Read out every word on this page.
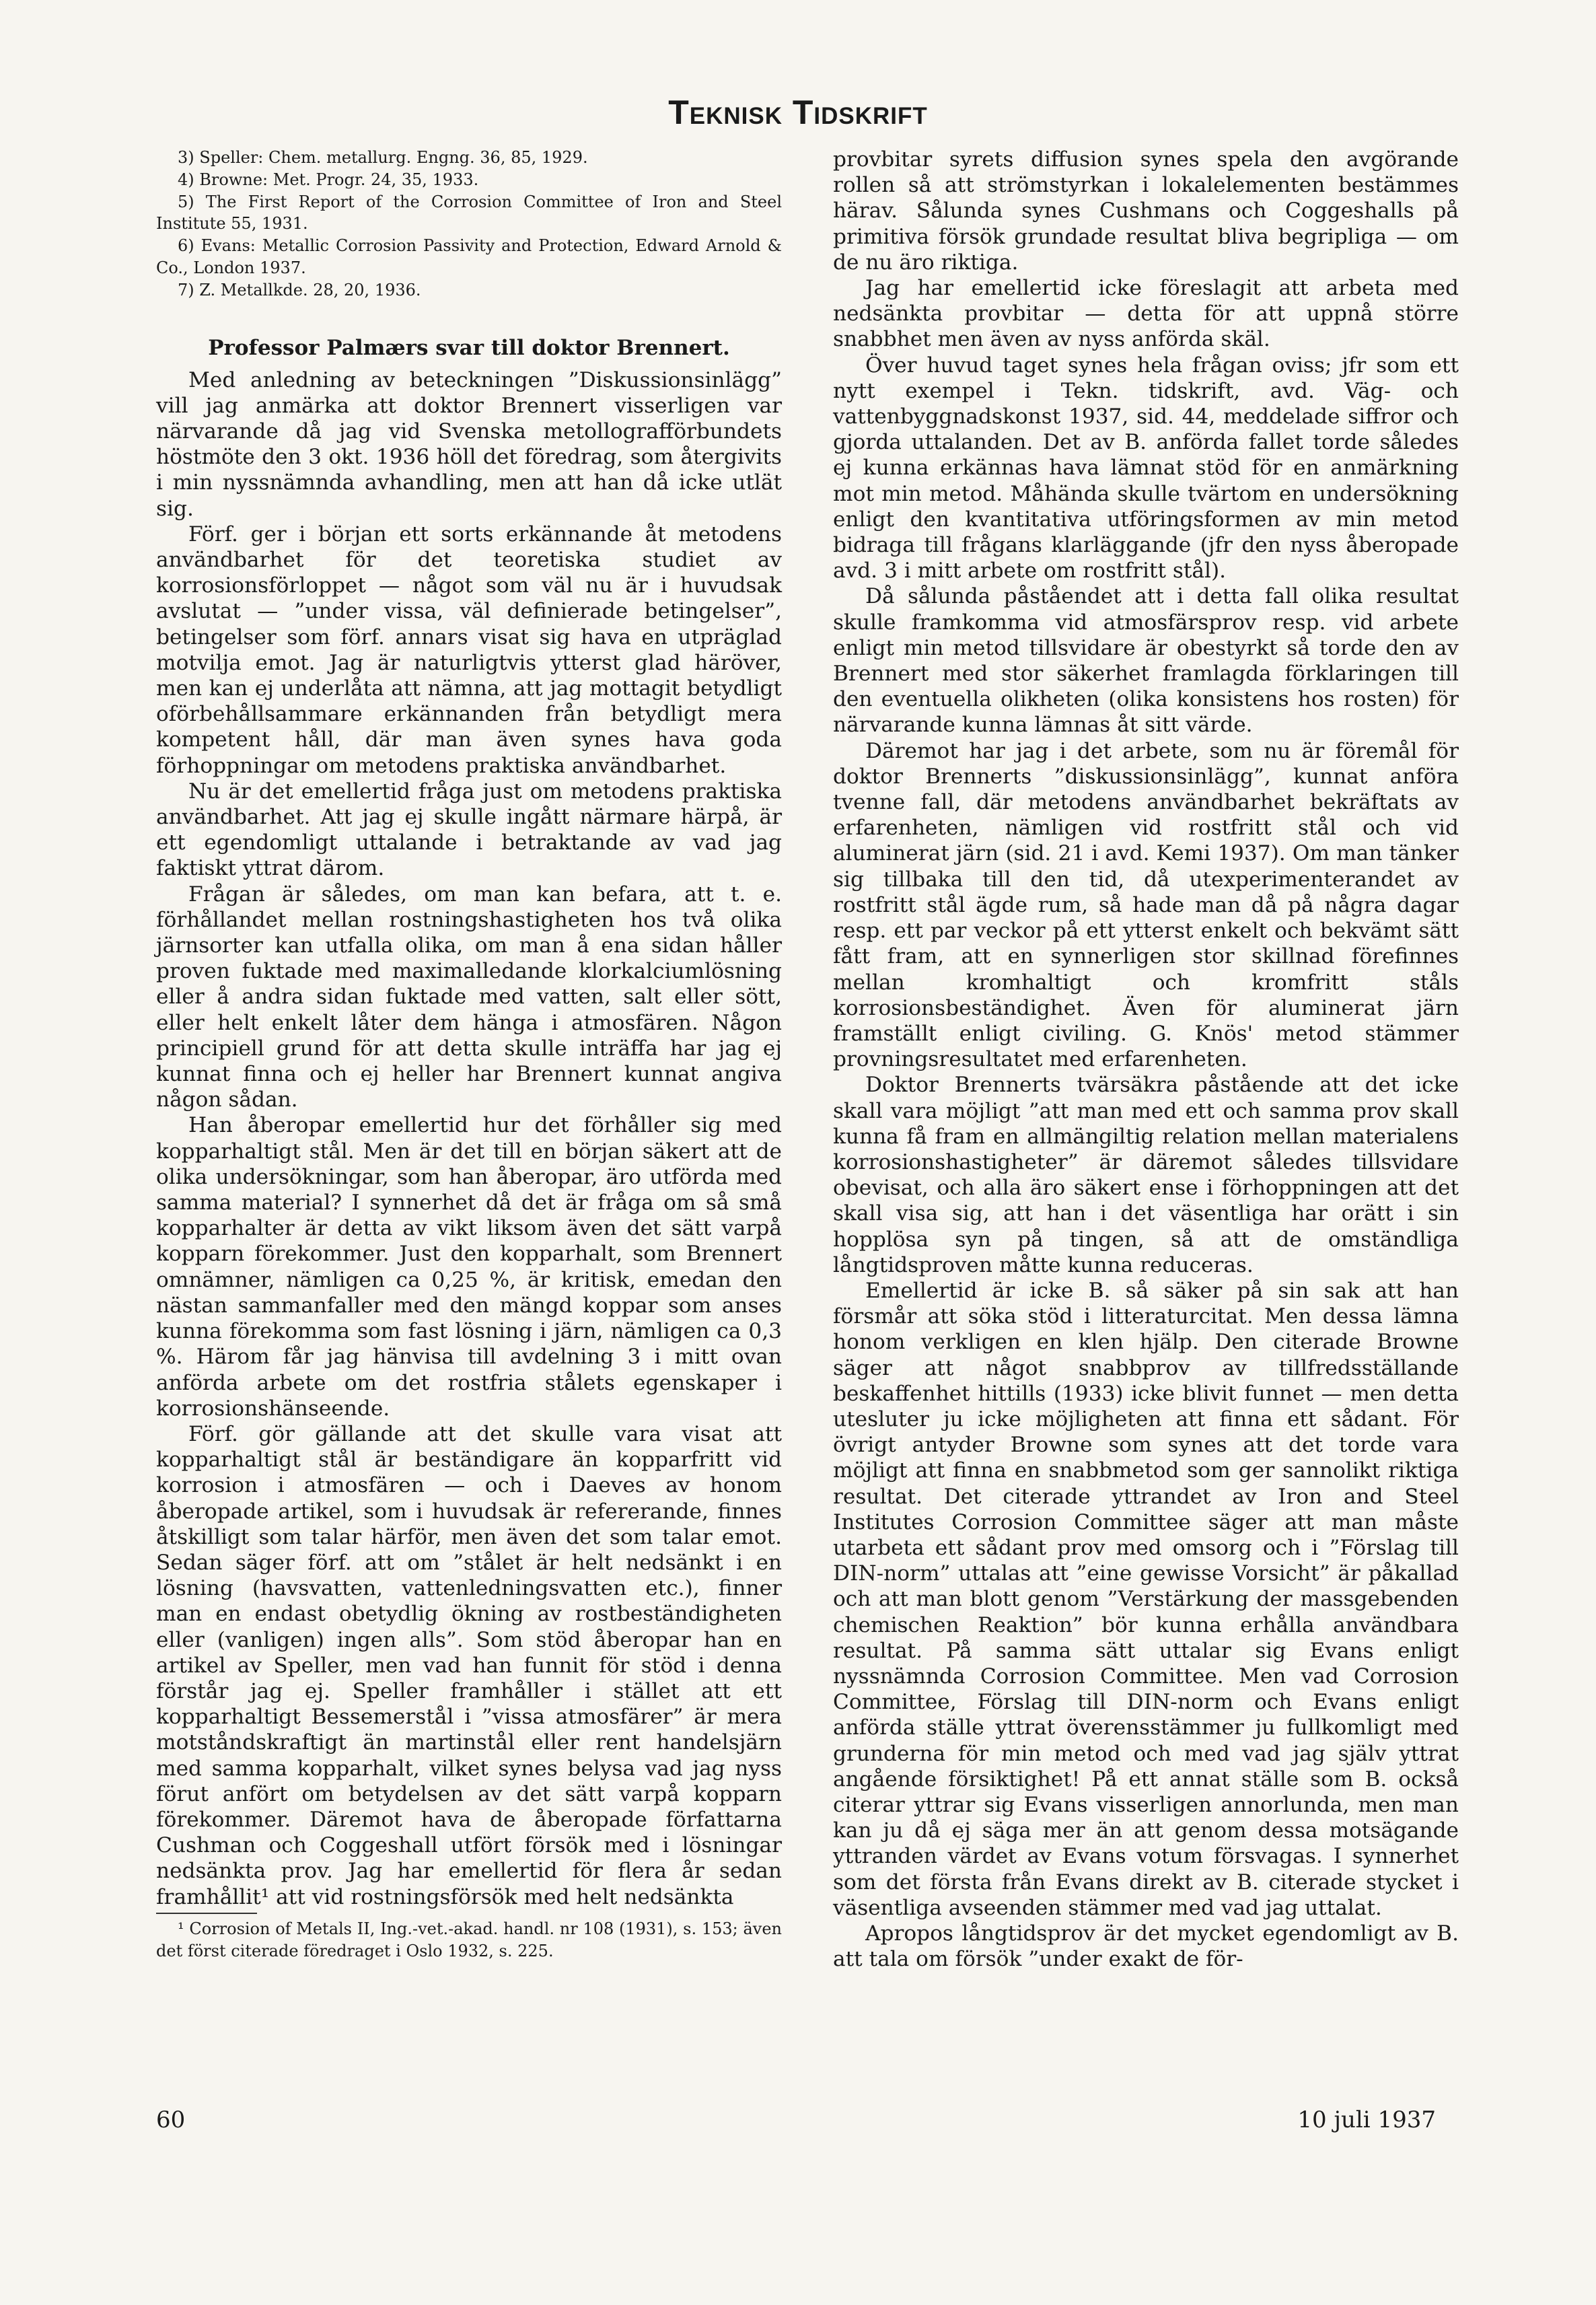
Teknisk Tidskrift

3) Speller: Chem. metallurg. Engng. 36, 85, 1929.

4) Browne: Met. Progr. 24, 35, 1933.

5) The First Report of the Corrosion Committee of Iron and Steel Institute 55, 1931.

6) Evans: Metallic Corrosion Passivity and Protection, Edward Arnold & Co., London 1937.

7) Z. Metallkde. 28, 20, 1936.

Professor Palmærs svar till doktor Brennert.

Med anledning av beteckningen ”Diskussionsinlägg” vill jag anmärka att doktor Brennert visserligen var närvarande då jag vid Svenska metollografförbundets höstmöte den 3 okt. 1936 höll det föredrag, som återgivits i min nyssnämnda avhandling, men att han då icke utlät sig.

Förf. ger i början ett sorts erkännande åt metodens användbarhet för det teoretiska studiet av korrosionsförloppet — något som väl nu är i huvudsak avslutat — ”under vissa, väl definierade betingelser”, betingelser som förf. annars visat sig hava en utpräglad motvilja emot. Jag är naturligtvis ytterst glad häröver, men kan ej underlåta att nämna, att jag mottagit betydligt oförbehållsammare erkännanden från betydligt mera kompetent håll, där man även synes hava goda förhoppningar om metodens praktiska användbarhet.

Nu är det emellertid fråga just om metodens praktiska användbarhet. Att jag ej skulle ingått närmare härpå, är ett egendomligt uttalande i betraktande av vad jag faktiskt yttrat därom.

Frågan är således, om man kan befara, att t. e. förhållandet mellan rostningshastigheten hos två olika järnsorter kan utfalla olika, om man å ena sidan håller proven fuktade med maximalledande klorkalciumlösning eller å andra sidan fuktade med vatten, salt eller sött, eller helt enkelt låter dem hänga i atmosfären. Någon principiell grund för att detta skulle inträffa har jag ej kunnat finna och ej heller har Brennert kunnat angiva någon sådan.

Han åberopar emellertid hur det förhåller sig med kopparhaltigt stål. Men är det till en början säkert att de olika undersökningar, som han åberopar, äro utförda med samma material? I synnerhet då det är fråga om så små kopparhalter är detta av vikt liksom även det sätt varpå kopparn förekommer. Just den kopparhalt, som Brennert omnämner, nämligen ca 0,25 %, är kritisk, emedan den nästan sammanfaller med den mängd koppar som anses kunna förekomma som fast lösning i järn, nämligen ca 0,3 %. Härom får jag hänvisa till avdelning 3 i mitt ovan anförda arbete om det rostfria stålets egenskaper i korrosionshänseende.

Förf. gör gällande att det skulle vara visat att kopparhaltigt stål är beständigare än kopparfritt vid korrosion i atmosfären — och i Daeves av honom åberopade artikel, som i huvudsak är refererande, finnes åtskilligt som talar härför, men även det som talar emot. Sedan säger förf. att om ”stålet är helt nedsänkt i en lösning (havsvatten, vattenledningsvatten etc.), finner man en endast obetydlig ökning av rostbeständigheten eller (vanligen) ingen alls”. Som stöd åberopar han en artikel av Speller, men vad han funnit för stöd i denna förstår jag ej. Speller framhåller i stället att ett kopparhaltigt Bessemerstål i ”vissa atmosfärer” är mera motståndskraftigt än martinstål eller rent handelsjärn med samma kopparhalt, vilket synes belysa vad jag nyss förut anfört om betydelsen av det sätt varpå kopparn förekommer. Däremot hava de åberopade författarna Cushman och Coggeshall utfört försök med i lösningar nedsänkta prov. Jag har emellertid för flera år sedan framhållit¹ att vid rostningsförsök med helt nedsänkta

¹ Corrosion of Metals II, Ing.-vet.-akad. handl. nr 108 (1931), s. 153; även det först citerade föredraget i Oslo 1932, s. 225.

provbitar syrets diffusion synes spela den avgörande rollen så att strömstyrkan i lokalelementen bestämmes härav. Sålunda synes Cushmans och Coggeshalls på primitiva försök grundade resultat bliva begripliga — om de nu äro riktiga.

Jag har emellertid icke föreslagit att arbeta med nedsänkta provbitar — detta för att uppnå större snabbhet men även av nyss anförda skäl.

Över huvud taget synes hela frågan oviss; jfr som ett nytt exempel i Tekn. tidskrift, avd. Väg- och vattenbyggnadskonst 1937, sid. 44, meddelade siffror och gjorda uttalanden. Det av B. anförda fallet torde således ej kunna erkännas hava lämnat stöd för en anmärkning mot min metod. Måhända skulle tvärtom en undersökning enligt den kvantitativa utföringsformen av min metod bidraga till frågans klarläggande (jfr den nyss åberopade avd. 3 i mitt arbete om rostfritt stål).

Då sålunda påståendet att i detta fall olika resultat skulle framkomma vid atmosfärsprov resp. vid arbete enligt min metod tillsvidare är obestyrkt så torde den av Brennert med stor säkerhet framlagda förklaringen till den eventuella olikheten (olika konsistens hos rosten) för närvarande kunna lämnas åt sitt värde.

Däremot har jag i det arbete, som nu är föremål för doktor Brennerts ”diskussionsinlägg”, kunnat anföra tvenne fall, där metodens användbarhet bekräftats av erfarenheten, nämligen vid rostfritt stål och vid aluminerat järn (sid. 21 i avd. Kemi 1937). Om man tänker sig tillbaka till den tid, då utexperimenterandet av rostfritt stål ägde rum, så hade man då på några dagar resp. ett par veckor på ett ytterst enkelt och bekvämt sätt fått fram, att en synnerligen stor skillnad förefinnes mellan kromhaltigt och kromfritt ståls korrosionsbeständighet. Även för aluminerat järn framställt enligt civiling. G. Knös' metod stämmer provningsresultatet med erfarenheten.

Doktor Brennerts tvärsäkra påstående att det icke skall vara möjligt ”att man med ett och samma prov skall kunna få fram en allmängiltig relation mellan materialens korrosionshastigheter” är däremot således tillsvidare obevisat, och alla äro säkert ense i förhoppningen att det skall visa sig, att han i det väsentliga har orätt i sin hopplösa syn på tingen, så att de omständliga långtidsproven måtte kunna reduceras.

Emellertid är icke B. så säker på sin sak att han försmår att söka stöd i litteraturcitat. Men dessa lämna honom verkligen en klen hjälp. Den citerade Browne säger att något snabbprov av tillfredsställande beskaffenhet hittills (1933) icke blivit funnet — men detta utesluter ju icke möjligheten att finna ett sådant. För övrigt antyder Browne som synes att det torde vara möjligt att finna en snabbmetod som ger sannolikt riktiga resultat. Det citerade yttrandet av Iron and Steel Institutes Corrosion Committee säger att man måste utarbeta ett sådant prov med omsorg och i ”Förslag till DIN-norm” uttalas att ”eine gewisse Vorsicht” är påkallad och att man blott genom ”Verstärkung der massgebenden chemischen Reaktion” bör kunna erhålla användbara resultat. På samma sätt uttalar sig Evans enligt nyssnämnda Corrosion Committee. Men vad Corrosion Committee, Förslag till DIN-norm och Evans enligt anförda ställe yttrat överensstämmer ju fullkomligt med grunderna för min metod och med vad jag själv yttrat angående försiktighet! På ett annat ställe som B. också citerar yttrar sig Evans visserligen annorlunda, men man kan ju då ej säga mer än att genom dessa motsägande yttranden värdet av Evans votum försvagas. I synnerhet som det första från Evans direkt av B. citerade stycket i väsentliga avseenden stämmer med vad jag uttalat.

Apropos långtidsprov är det mycket egendomligt av B. att tala om försök ”under exakt de för-

60	10 juli 1937
